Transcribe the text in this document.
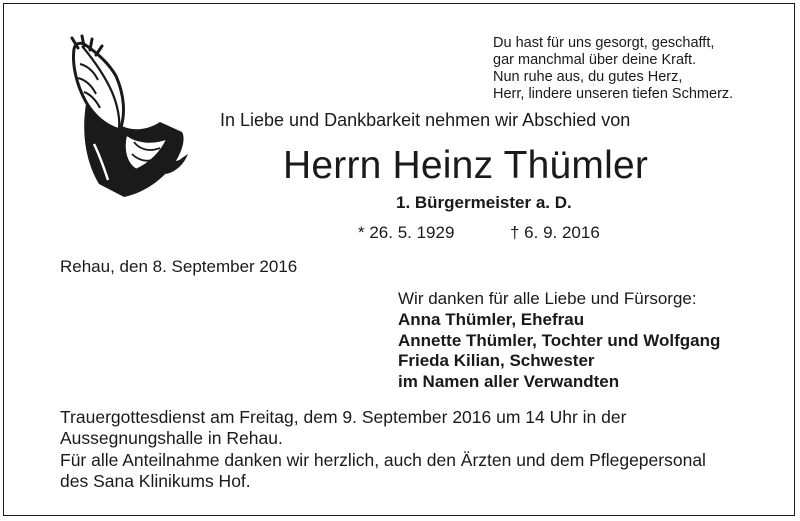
Du hast für uns gesorgt, geschafft,
gar manchmal über deine Kraft.
Nun ruhe aus, du gutes Herz,
Herr, lindere unseren tiefen Schmerz.
In Liebe und Dankbarkeit nehmen wir Abschied von
Herrn Heinz Thümler
1. Bürgermeister a. D.
* 26. 5. 1929	† 6. 9. 2016
Rehau, den 8. September 2016
Wir danken für alle Liebe und Fürsorge:
Anna Thümler, Ehefrau
Annette Thümler, Tochter und Wolfgang
Frieda Kilian, Schwester
im Namen aller Verwandten
Trauergottesdienst am Freitag, dem 9. September 2016 um 14 Uhr in der
Aussegnungshalle in Rehau.
Für alle Anteilnahme danken wir herzlich, auch den Ärzten und dem Pflegepersonal
des Sana Klinikums Hof.
